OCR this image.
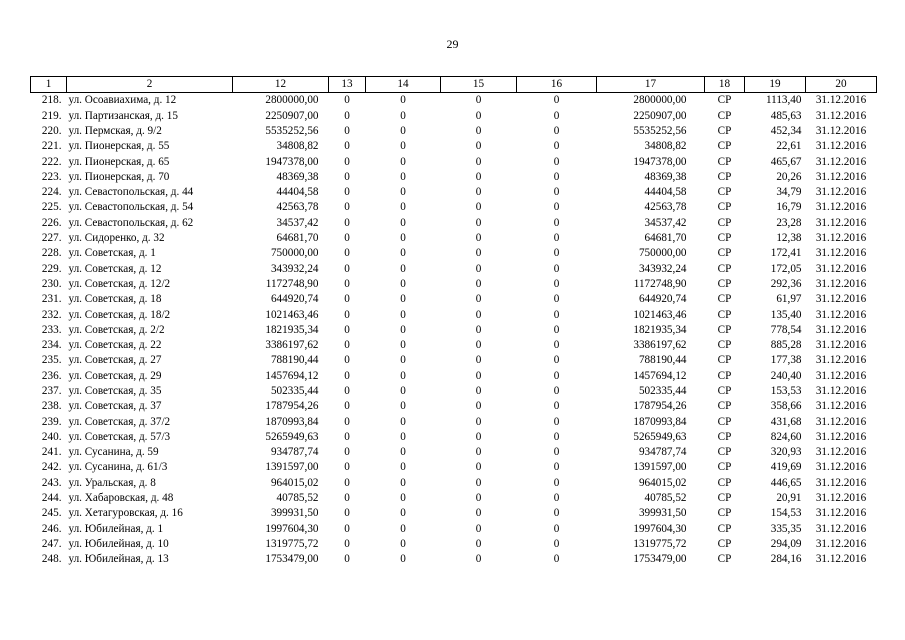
29
1	2	12	13	14	15	16	17	18	19	20
218.	ул. Осоавиахима, д. 12	2800000,00	0	0	0	0	2800000,00	СР	1113,40	31.12.2016
219.	ул. Партизанская, д. 15	2250907,00	0	0	0	0	2250907,00	СР	485,63	31.12.2016
220.	ул. Пермская, д. 9/2	5535252,56	0	0	0	0	5535252,56	СР	452,34	31.12.2016
221.	ул. Пионерская, д. 55	34808,82	0	0	0	0	34808,82	СР	22,61	31.12.2016
222.	ул. Пионерская, д. 65	1947378,00	0	0	0	0	1947378,00	СР	465,67	31.12.2016
223.	ул. Пионерская, д. 70	48369,38	0	0	0	0	48369,38	СР	20,26	31.12.2016
224.	ул. Севастопольская, д. 44	44404,58	0	0	0	0	44404,58	СР	34,79	31.12.2016
225.	ул. Севастопольская, д. 54	42563,78	0	0	0	0	42563,78	СР	16,79	31.12.2016
226.	ул. Севастопольская, д. 62	34537,42	0	0	0	0	34537,42	СР	23,28	31.12.2016
227.	ул. Сидоренко, д. 32	64681,70	0	0	0	0	64681,70	СР	12,38	31.12.2016
228.	ул. Советская, д. 1	750000,00	0	0	0	0	750000,00	СР	172,41	31.12.2016
229.	ул. Советская, д. 12	343932,24	0	0	0	0	343932,24	СР	172,05	31.12.2016
230.	ул. Советская, д. 12/2	1172748,90	0	0	0	0	1172748,90	СР	292,36	31.12.2016
231.	ул. Советская, д. 18	644920,74	0	0	0	0	644920,74	СР	61,97	31.12.2016
232.	ул. Советская, д. 18/2	1021463,46	0	0	0	0	1021463,46	СР	135,40	31.12.2016
233.	ул. Советская, д. 2/2	1821935,34	0	0	0	0	1821935,34	СР	778,54	31.12.2016
234.	ул. Советская, д. 22	3386197,62	0	0	0	0	3386197,62	СР	885,28	31.12.2016
235.	ул. Советская, д. 27	788190,44	0	0	0	0	788190,44	СР	177,38	31.12.2016
236.	ул. Советская, д. 29	1457694,12	0	0	0	0	1457694,12	СР	240,40	31.12.2016
237.	ул. Советская, д. 35	502335,44	0	0	0	0	502335,44	СР	153,53	31.12.2016
238.	ул. Советская, д. 37	1787954,26	0	0	0	0	1787954,26	СР	358,66	31.12.2016
239.	ул. Советская, д. 37/2	1870993,84	0	0	0	0	1870993,84	СР	431,68	31.12.2016
240.	ул. Советская, д. 57/3	5265949,63	0	0	0	0	5265949,63	СР	824,60	31.12.2016
241.	ул. Сусанина, д. 59	934787,74	0	0	0	0	934787,74	СР	320,93	31.12.2016
242.	ул. Сусанина, д. 61/3	1391597,00	0	0	0	0	1391597,00	СР	419,69	31.12.2016
243.	ул. Уральская, д. 8	964015,02	0	0	0	0	964015,02	СР	446,65	31.12.2016
244.	ул. Хабаровская, д. 48	40785,52	0	0	0	0	40785,52	СР	20,91	31.12.2016
245.	ул. Хетагуровская, д. 16	399931,50	0	0	0	0	399931,50	СР	154,53	31.12.2016
246.	ул. Юбилейная, д. 1	1997604,30	0	0	0	0	1997604,30	СР	335,35	31.12.2016
247.	ул. Юбилейная, д. 10	1319775,72	0	0	0	0	1319775,72	СР	294,09	31.12.2016
248.	ул. Юбилейная, д. 13	1753479,00	0	0	0	0	1753479,00	СР	284,16	31.12.2016
